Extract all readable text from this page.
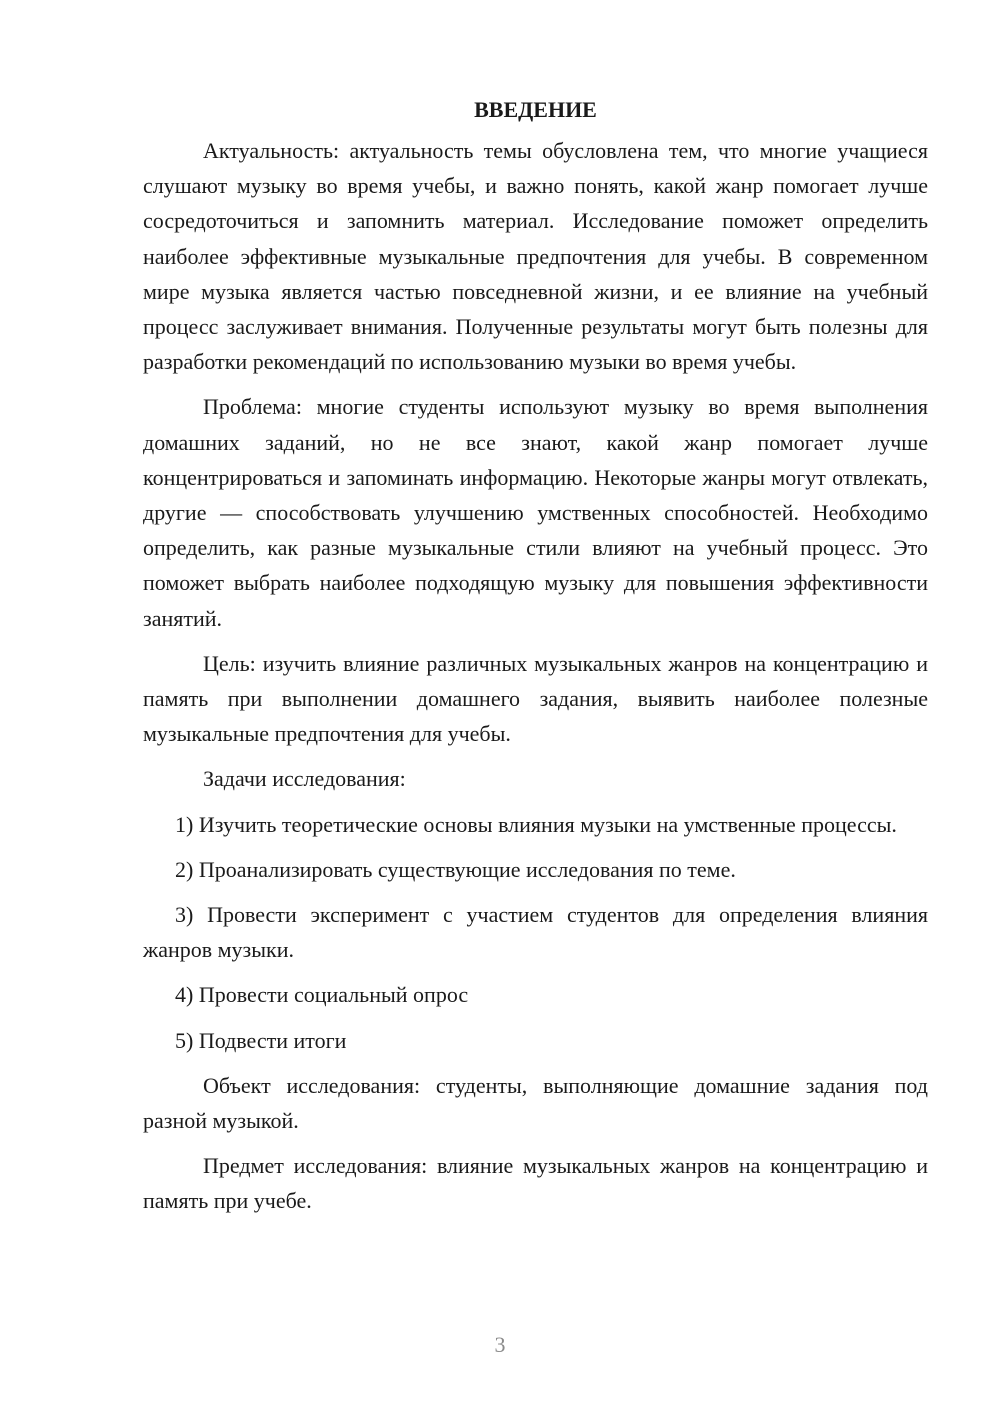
ВВЕДЕНИЕ

Актуальность: актуальность темы обусловлена тем, что многие учащиеся слушают музыку во время учебы, и важно понять, какой жанр помогает лучше сосредоточиться и запомнить материал. Исследование поможет определить наиболее эффективные музыкальные предпочтения для учебы. В современном мире музыка является частью повседневной жизни, и ее влияние на учебный процесс заслуживает внимания. Полученные результаты могут быть полезны для разработки рекомендаций по использованию музыки во время учебы.

Проблема: многие студенты используют музыку во время выполнения домашних заданий, но не все знают, какой жанр помогает лучше концентрироваться и запоминать информацию. Некоторые жанры могут отвлекать, другие — способствовать улучшению умственных способностей. Необходимо определить, как разные музыкальные стили влияют на учебный процесс. Это поможет выбрать наиболее подходящую музыку для повышения эффективности занятий.

Цель: изучить влияние различных музыкальных жанров на концентрацию и память при выполнении домашнего задания, выявить наиболее полезные музыкальные предпочтения для учебы.

Задачи исследования:

1) Изучить теоретические основы влияния музыки на умственные процессы.

2) Проанализировать существующие исследования по теме.

3) Провести эксперимент с участием студентов для определения влияния жанров музыки.

4) Провести социальный опрос

5) Подвести итоги

Объект исследования: студенты, выполняющие домашние задания под разной музыкой.

Предмет исследования: влияние музыкальных жанров на концентрацию и память при учебе.

3
